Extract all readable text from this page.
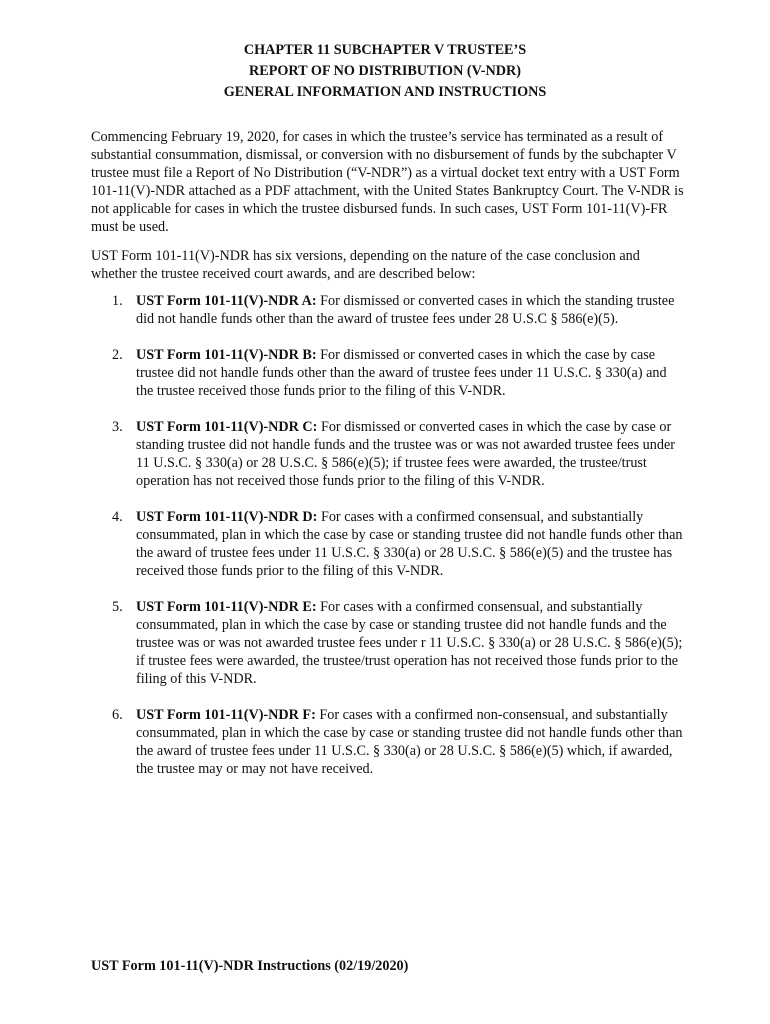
CHAPTER 11 SUBCHAPTER V TRUSTEE’S
REPORT OF NO DISTRIBUTION (V-NDR)
GENERAL INFORMATION AND INSTRUCTIONS

Commencing February 19, 2020, for cases in which the trustee’s service has terminated as a result of substantial consummation, dismissal, or conversion with no disbursement of funds by the subchapter V trustee must file a Report of No Distribution (“V-NDR”) as a virtual docket text entry with a UST Form 101-11(V)-NDR attached as a PDF attachment, with the United States Bankruptcy Court. The V-NDR is not applicable for cases in which the trustee disbursed funds. In such cases, UST Form 101-11(V)-FR must be used.

UST Form 101-11(V)-NDR has six versions, depending on the nature of the case conclusion and whether the trustee received court awards, and are described below:

1. UST Form 101-11(V)-NDR A: For dismissed or converted cases in which the standing trustee did not handle funds other than the award of trustee fees under 28 U.S.C § 586(e)(5).
2. UST Form 101-11(V)-NDR B: For dismissed or converted cases in which the case by case trustee did not handle funds other than the award of trustee fees under 11 U.S.C. § 330(a) and the trustee received those funds prior to the filing of this V-NDR.
3. UST Form 101-11(V)-NDR C: For dismissed or converted cases in which the case by case or standing trustee did not handle funds and the trustee was or was not awarded trustee fees under 11 U.S.C. § 330(a) or 28 U.S.C. § 586(e)(5); if trustee fees were awarded, the trustee/trust operation has not received those funds prior to the filing of this V-NDR.
4. UST Form 101-11(V)-NDR D: For cases with a confirmed consensual, and substantially consummated, plan in which the case by case or standing trustee did not handle funds other than the award of trustee fees under 11 U.S.C. § 330(a) or 28 U.S.C. § 586(e)(5) and the trustee has received those funds prior to the filing of this V-NDR.
5. UST Form 101-11(V)-NDR E: For cases with a confirmed consensual, and substantially consummated, plan in which the case by case or standing trustee did not handle funds and the trustee was or was not awarded trustee fees under r 11 U.S.C. § 330(a) or 28 U.S.C. § 586(e)(5); if trustee fees were awarded, the trustee/trust operation has not received those funds prior to the filing of this V-NDR.
6. UST Form 101-11(V)-NDR F: For cases with a confirmed non-consensual, and substantially consummated, plan in which the case by case or standing trustee did not handle funds other than the award of trustee fees under 11 U.S.C. § 330(a) or 28 U.S.C. § 586(e)(5) which, if awarded, the trustee may or may not have received.
UST Form 101-11(V)-NDR Instructions (02/19/2020)
